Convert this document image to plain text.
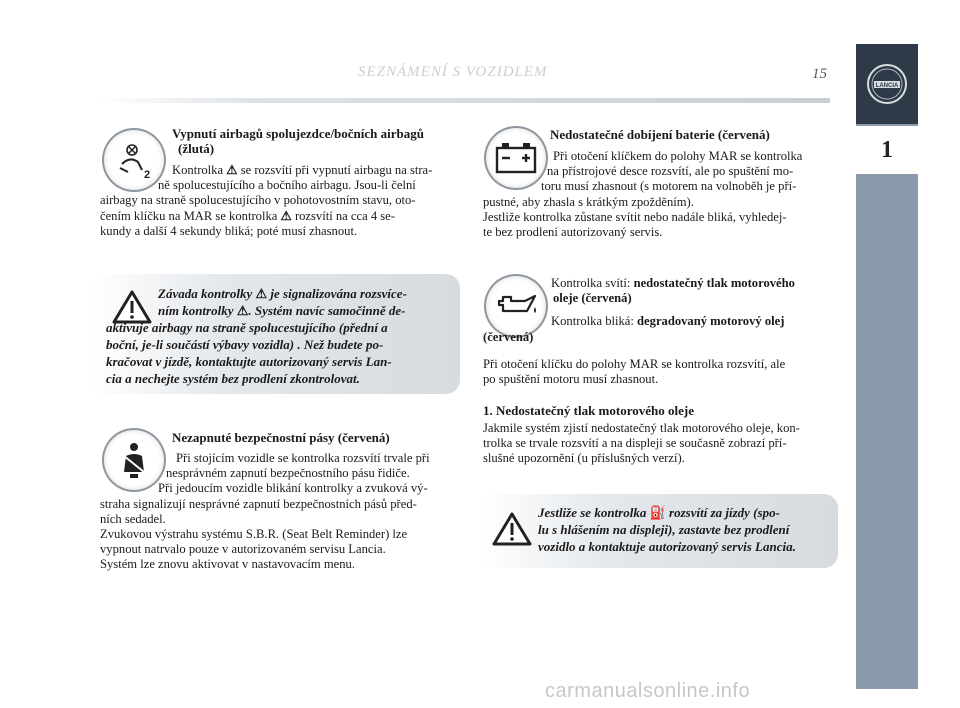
SEZNÁMENÍ S VOZIDLEM	15
LANCIA
1
2
Vypnutí airbagů spolujezdce/bočních airbagů
(žlutá)
Kontrolka ⚠ se rozsvítí při vypnutí airbagu na stra-
ně spolucestujícího a bočního airbagu. Jsou-li čelní
airbagy na straně spolucestujícího v pohotovostním stavu, oto-
čením klíčku na MAR se kontrolka ⚠ rozsvítí na cca 4 se-
kundy a další 4 sekundy bliká; poté musí zhasnout.
Závada kontrolky ⚠ je signalizována rozsvíce-
ním kontrolky ⚠. Systém navíc samočinně de-
aktivuje airbagy na straně spolucestujícího (přední a
boční, je-li součástí výbavy vozidla) . Než budete po-
kračovat v jízdě, kontaktujte autorizovaný servis Lan-
cia a nechejte systém bez prodlení zkontrolovat.
Nezapnuté bezpečnostní pásy (červená)
Při stojícím vozidle se kontrolka rozsvítí trvale při
nesprávném zapnutí bezpečnostního pásu řidiče.
Při jedoucím vozidle blikání kontrolky a zvuková vý-
straha signalizují nesprávné zapnutí bezpečnostních pásů před-
ních sedadel.
Zvukovou výstrahu systému S.B.R. (Seat Belt Reminder) lze
vypnout natrvalo pouze v autorizovaném servisu Lancia.
Systém lze znovu aktivovat v nastavovacím menu.
Nedostatečné dobíjení baterie (červená)
Při otočení klíčkem do polohy MAR se kontrolka
na přístrojové desce rozsvítí, ale po spuštění mo-
toru musí zhasnout (s motorem na volnoběh je pří-
pustné, aby zhasla s krátkým zpožděním).
Jestliže kontrolka zůstane svítit nebo nadále bliká, vyhledej-
te bez prodlení autorizovaný servis.
Kontrolka svítí: nedostatečný tlak motorového
oleje (červená)
Kontrolka bliká: degradovaný motorový olej
(červená)
Při otočení klíčku do polohy MAR se kontrolka rozsvítí, ale
po spuštění motoru musí zhasnout.
1. Nedostatečný tlak motorového oleje
Jakmile systém zjistí nedostatečný tlak motorového oleje, kon-
trolka se trvale rozsvítí a na displeji se současně zobrazí pří-
slušné upozornění (u příslušných verzí).
Jestliže se kontrolka ⛽ rozsvítí za jízdy (spo-
lu s hlášením na displeji), zastavte bez prodlení
vozidlo a kontaktuje autorizovaný servis Lancia.
carmanualsonline.info
